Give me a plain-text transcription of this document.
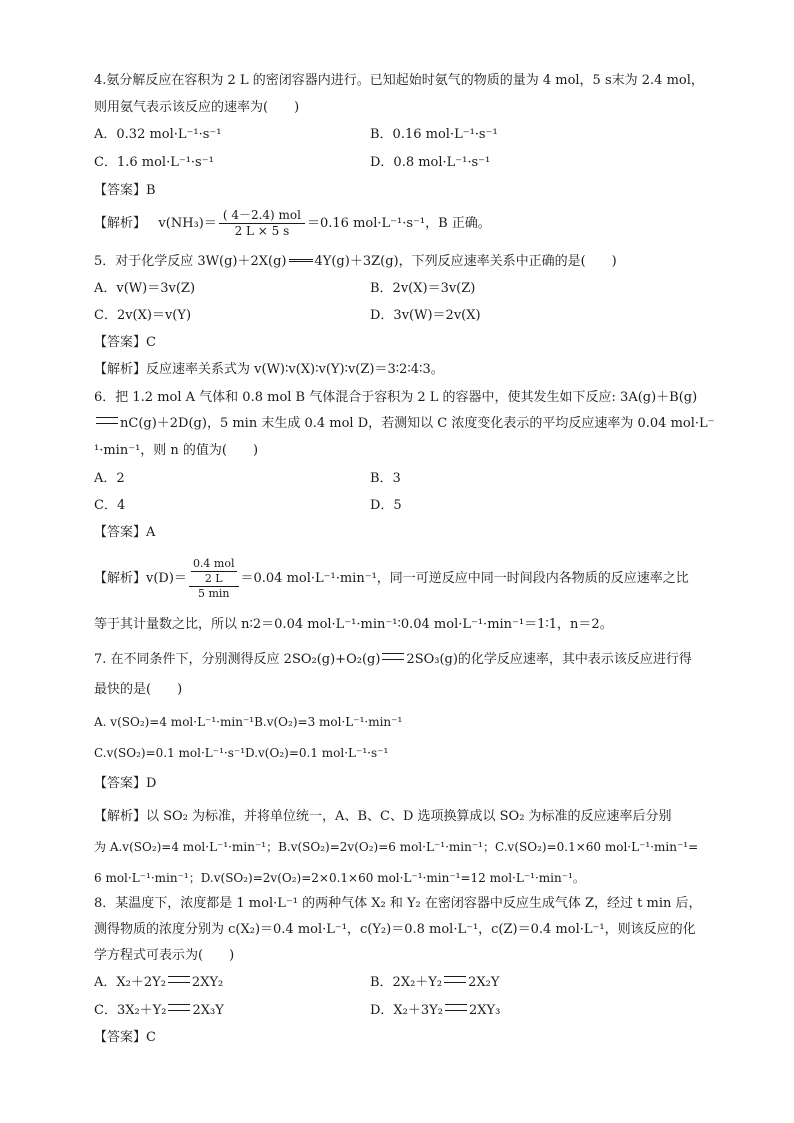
4.氨分解反应在容积为 2 L 的密闭容器内进行。已知起始时氨气的物质的量为 4 mol，5 s末为 2.4 mol，
则用氨气表示该反应的速率为(　　)
A．0.32 mol·L⁻¹·s⁻¹	B．0.16 mol·L⁻¹·s⁻¹
C．1.6 mol·L⁻¹·s⁻¹	D．0.8 mol·L⁻¹·s⁻¹
【答案】B
【解析】 $v(NH_3)= \frac{\text{( 4－2.4) mol}}{2 L \times 5 s} =0.16$ mol·L⁻¹·s⁻¹，B 正确。
5．对于化学反应 3W(g)＋2X(g) 4Y(g)＋3Z(g)，下列反应速率关系中正确的是(　　)
A．v(W)＝3v(Z)	B．2v(X)＝3v(Z)
C．2v(X)＝v(Y)	D．3v(W)＝2v(X)
【答案】C
【解析】反应速率关系式为 v(W)∶v(X)∶v(Y)∶v(Z)＝3∶2∶4∶3。
6．把 1.2 mol A 气体和 0.8 mol B 气体混合于容积为 2 L 的容器中，使其发生如下反应: 3A(g)＋B(g)
nC(g)＋2D(g)，5 min 末生成 0.4 mol D，若测知以 C 浓度变化表示的平均反应速率为 0.04 mol·L⁻
¹·min⁻¹，则 n 的值为(　　)
A．2	B．3
C．4	D．5
【答案】A
【解析】$v(D)= \frac{\frac{\text{0.4 mol}}{2 L}}{5 \min} =0.04$ mol·L⁻¹·min⁻¹，同一可逆反应中同一时间段内各物质的反应速率之比
等于其计量数之比，所以 n∶2＝0.04 mol·L⁻¹·min⁻¹∶0.04 mol·L⁻¹·min⁻¹＝1∶1，n＝2。
7. 在不同条件下，分别测得反应 2SO₂(g)+O₂(g) 2SO₃(g)的化学反应速率，其中表示该反应进行得
最快的是(　　)
A. v(SO₂)=4 mol·L⁻¹·min⁻¹B.v(O₂)=3 mol·L⁻¹·min⁻¹
C.v(SO₂)=0.1 mol·L⁻¹·s⁻¹D.v(O₂)=0.1 mol·L⁻¹·s⁻¹
【答案】D
【解析】以 SO₂ 为标准，并将单位统一，A、B、C、D 选项换算成以 SO₂ 为标准的反应速率后分别
为 A.v(SO₂)=4 mol·L⁻¹·min⁻¹；B.v(SO₂)=2v(O₂)=6 mol·L⁻¹·min⁻¹；C.v(SO₂)=0.1×60 mol·L⁻¹·min⁻¹=
6 mol·L⁻¹·min⁻¹；D.v(SO₂)=2v(O₂)=2×0.1×60 mol·L⁻¹·min⁻¹=12 mol·L⁻¹·min⁻¹。
8．某温度下，浓度都是 1 mol·L⁻¹ 的两种气体 X₂ 和 Y₂ 在密闭容器中反应生成气体 Z，经过 t min 后，
测得物质的浓度分别为 c(X₂)＝0.4 mol·L⁻¹，c(Y₂)＝0.8 mol·L⁻¹，c(Z)＝0.4 mol·L⁻¹，则该反应的化
学方程式可表示为(　　)
A．X₂＋2Y₂ 2XY₂	B．2X₂＋Y₂ 2X₂Y
C．3X₂＋Y₂ 2X₃Y	D．X₂＋3Y₂ 2XY₃
【答案】C
